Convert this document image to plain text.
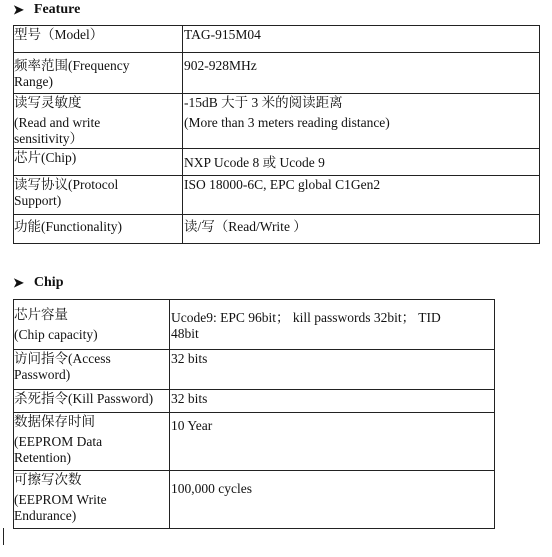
➤ Feature
型号（Model）	TAG-915M04

频率范围(Frequency
Range)	902-928MHz

读写灵敏度
(Read and write
sensitivity）	-15dB 大于 3 米的阅读距离
(More than 3 meters reading distance)

芯片(Chip)	NXP Ucode 8 或 Ucode 9

读写协议(Protocol
Support)	ISO 18000-6C, EPC global C1Gen2

功能(Functionality)	读/写（Read/Write ）
➤ Chip
芯片容量
(Chip capacity)	Ucode9: EPC 96bit； kill passwords 32bit； TID
48bit

访问指令(Access
Password)	32 bits

杀死指令(Kill Password)	32 bits

数据保存时间
(EEPROM Data
Retention)	10 Year

可擦写次数
(EEPROM Write
Endurance)	100,000 cycles
